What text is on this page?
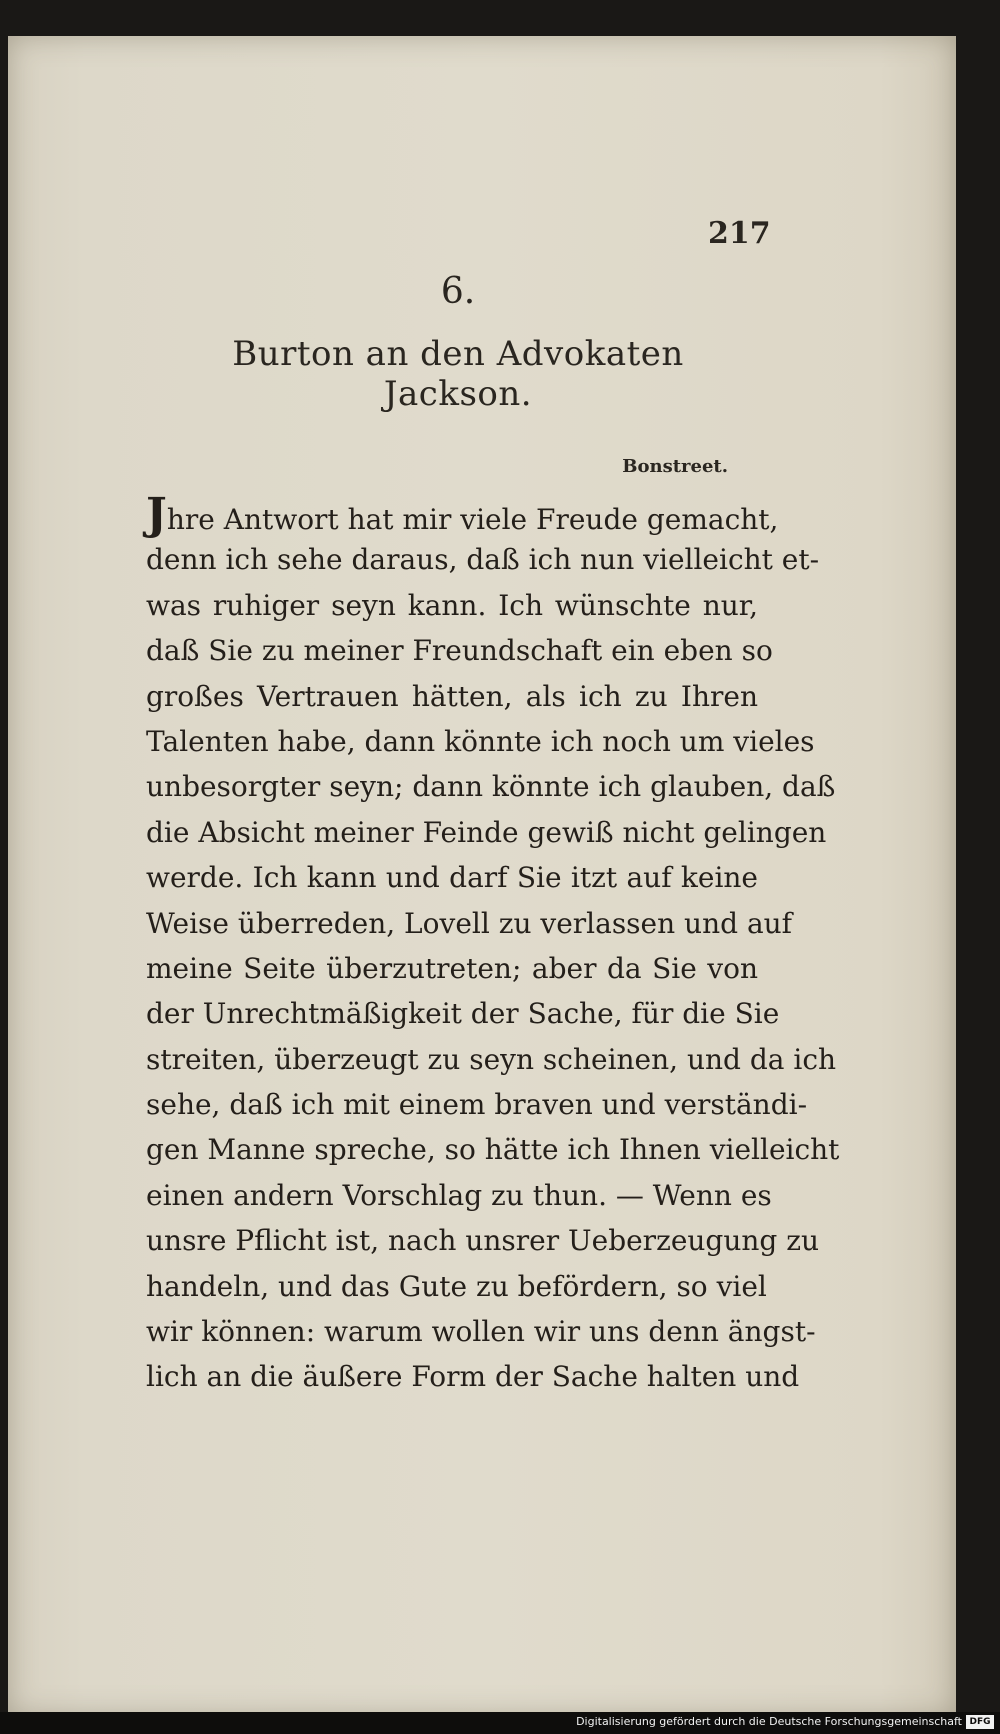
217
6.
Burton an den Advokaten Jackson.
Bonstreet.
Jhre Antwort hat mir viele Freude gemacht,
denn ich sehe daraus, daß ich nun vielleicht et-
was ruhiger seyn kann. Ich wünschte nur,
daß Sie zu meiner Freundschaft ein eben so
großes Vertrauen hätten, als ich zu Ihren
Talenten habe, dann könnte ich noch um vieles
unbesorgter seyn; dann könnte ich glauben, daß
die Absicht meiner Feinde gewiß nicht gelingen
werde. Ich kann und darf Sie itzt auf keine
Weise überreden, Lovell zu verlassen und auf
meine Seite überzutreten; aber da Sie von
der Unrechtmäßigkeit der Sache, für die Sie
streiten, überzeugt zu seyn scheinen, und da ich
sehe, daß ich mit einem braven und verständi-
gen Manne spreche, so hätte ich Ihnen vielleicht
einen andern Vorschlag zu thun. — Wenn es
unsre Pflicht ist, nach unsrer Ueberzeugung zu
handeln, und das Gute zu befördern, so viel
wir können: warum wollen wir uns denn ängst-
lich an die äußere Form der Sache halten und
Digitalisierung gefördert durch die Deutsche Forschungsgemeinschaft DFG
